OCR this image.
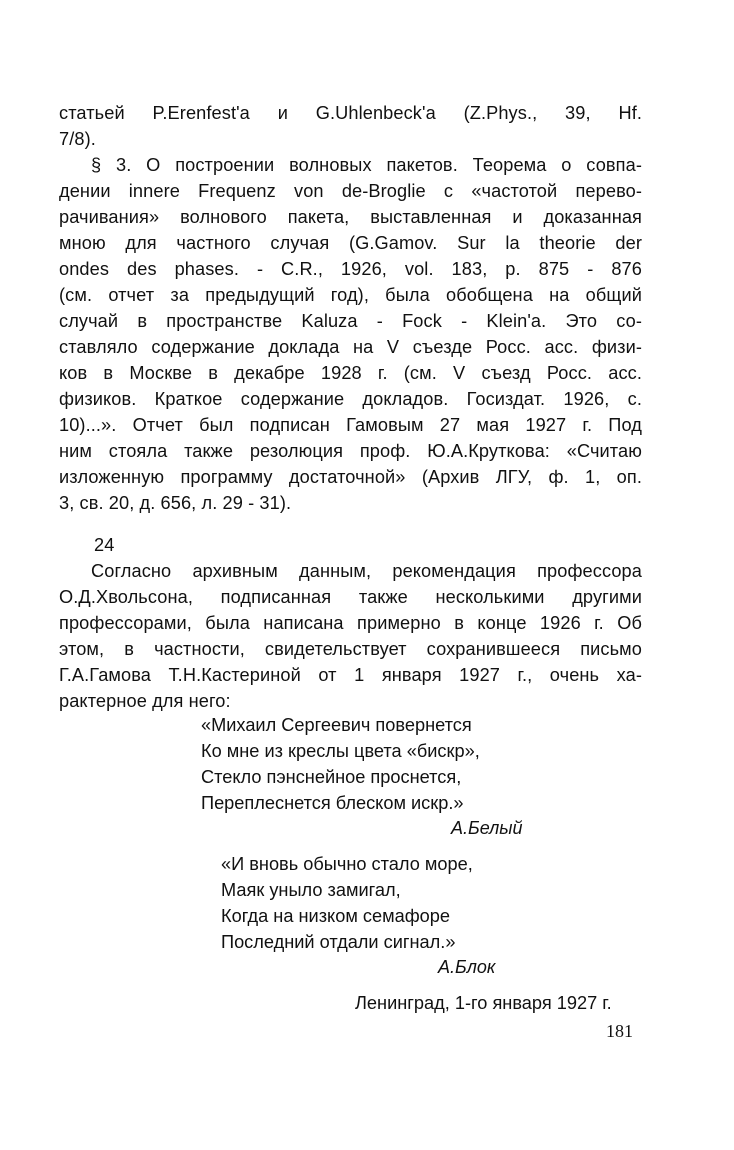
статьей P.Erenfest'a и G.Uhlenbeck'a (Z.Phys., 39, Hf.
7/8).
§ 3. О построении волновых пакетов. Теорема о совпа-
дении innere Frequenz von de-Broglie с «частотой перево-
рачивания» волнового пакета, выставленная и доказанная
мною для частного случая (G.Gamov. Sur la theorie der
ondes des phases. - C.R., 1926, vol. 183, p. 875 - 876
(см. отчет за предыдущий год), была обобщена на общий
случай в пространстве Kaluza - Fock - Klein'a. Это со-
ставляло содержание доклада на V съезде Росс. асс. физи-
ков в Москве в декабре 1928 г. (см. V съезд Росс. асс.
физиков. Краткое содержание докладов. Госиздат. 1926, с.
10)...». Отчет был подписан Гамовым 27 мая 1927 г. Под
ним стояла также резолюция проф. Ю.А.Круткова: «Считаю
изложенную программу достаточной» (Архив ЛГУ, ф. 1, оп.
3, св. 20, д. 656, л. 29 - 31).
24
Согласно архивным данным, рекомендация профессора
О.Д.Хвольсона, подписанная также несколькими другими
профессорами, была написана примерно в конце 1926 г. Об
этом, в частности, свидетельствует сохранившееся письмо
Г.А.Гамова Т.Н.Кастериной от 1 января 1927 г., очень ха-
рактерное для него:
«Михаил Сергеевич повернется
Ко мне из креслы цвета «бискр»,
Стекло пэнснейное проснется,
Переплеснется блеском искр.»
А.Белый
«И вновь обычно стало море,
Маяк уныло замигал,
Когда на низком семафоре
Последний отдали сигнал.»
А.Блок
Ленинград, 1-го января 1927 г.
181
